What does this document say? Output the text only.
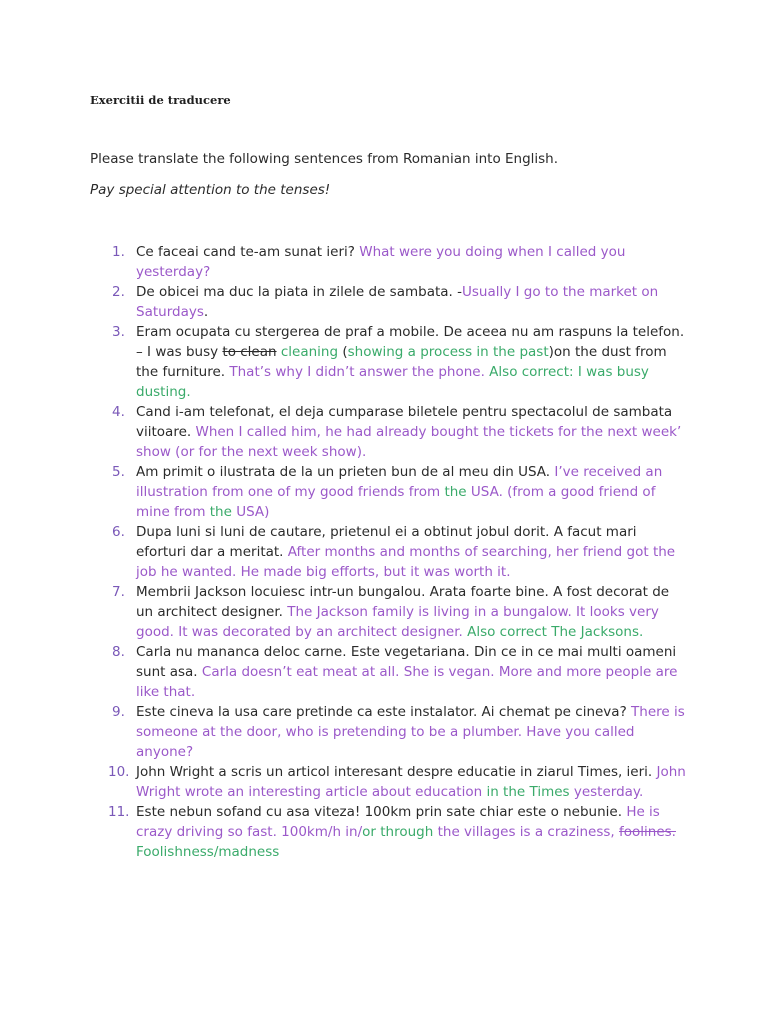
Exercitii de traducere
Please translate the following sentences from Romanian into English.
Pay special attention to the tenses!
1. Ce faceai cand te-am sunat ieri? What were you doing when I called you yesterday?
2. De obicei ma duc la piata in zilele de sambata. -Usually I go to the market on Saturdays.
3. Eram ocupata cu stergerea de praf a mobile. De aceea nu am raspuns la telefon. – I was busy to clean cleaning (showing a process in the past)on the dust from the furniture. That’s why I didn’t answer the phone. Also correct: I was busy dusting.
4. Cand i-am telefonat, el deja cumparase biletele pentru spectacolul de sambata viitoare. When I called him, he had already bought the tickets for the next week’ show (or for the next week show).
5. Am primit o ilustrata de la un prieten bun de al meu din USA. I’ve received an illustration from one of my good friends from the USA. (from a good friend of mine from the USA)
6. Dupa luni si luni de cautare, prietenul ei a obtinut jobul dorit. A facut mari eforturi dar a meritat. After months and months of searching, her friend got the job he wanted. He made big efforts, but it was worth it.
7. Membrii Jackson locuiesc intr-un bungalou. Arata foarte bine. A fost decorat de un architect designer. The Jackson family is living in a bungalow. It looks very good. It was decorated by an architect designer. Also correct The Jacksons.
8. Carla nu mananca deloc carne. Este vegetariana. Din ce in ce mai multi oameni sunt asa. Carla doesn’t eat meat at all. She is vegan. More and more people are like that.
9. Este cineva la usa care pretinde ca este instalator. Ai chemat pe cineva? There is someone at the door, who is pretending to be a plumber. Have you called anyone?
10. John Wright a scris un articol interesant despre educatie in ziarul Times, ieri. John Wright wrote an interesting article about education in the Times yesterday.
11. Este nebun sofand cu asa viteza! 100km prin sate chiar este o nebunie. He is crazy driving so fast. 100km/h in/or through the villages is a craziness, foolines. Foolishness/madness
